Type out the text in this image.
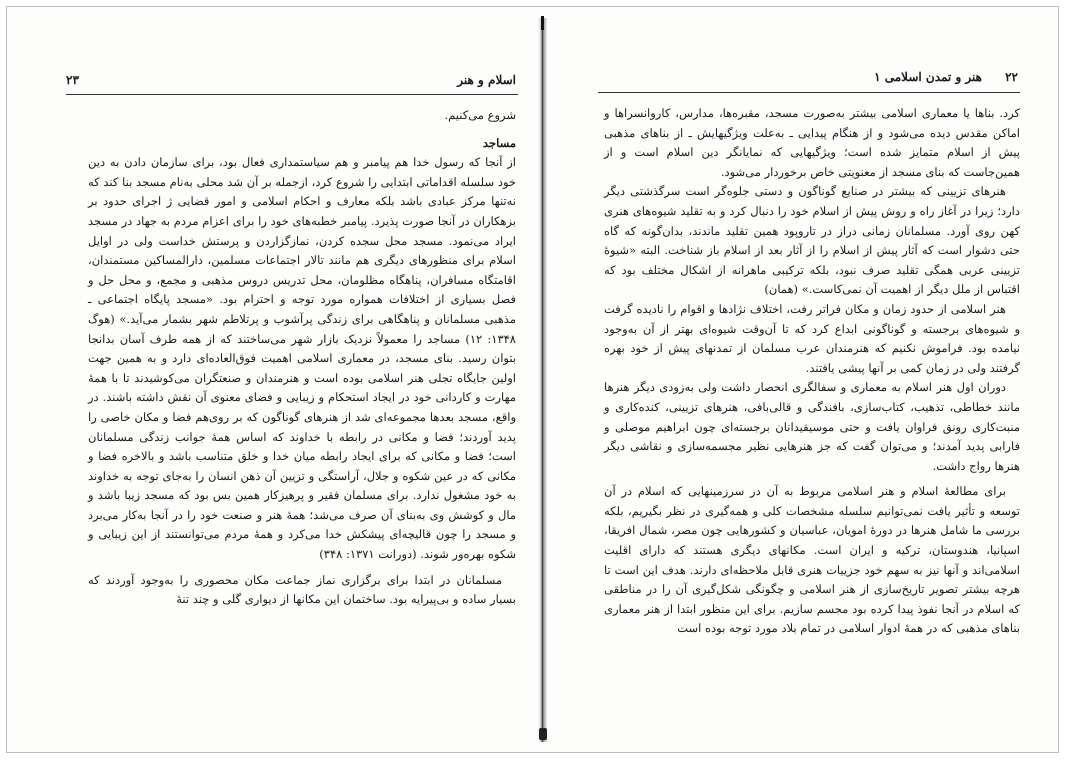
اسلام و هنر
۲۳

شروع می‌کنیم.

مساجد

از آنجا که رسول خدا هم پیامبر و هم سیاستمداری فعال بود، برای سازمان دادن به دین خود سلسله اقداماتی ابتدایی را شروع کرد، ازجمله بر آن شد محلی به‌نام مسجد بنا کند که نه‌تنها مرکز عبادی باشد بلکه معارف و احکام اسلامی و امور قضایی ژ اجرای حدود بر بزهکاران در آنجا صورت پذیرد. پیامبر خطبه‌های خود را برای اعزام مردم به جهاد در مسجد ایراد می‌نمود. مسجد محل سجده کردن، نمازگزاردن و پرستش خداست ولی در اوایل اسلام برای منظورهای دیگری هم مانند تالار اجتماعات مسلمین، دارالمساکین مستمندان، اقامتگاه مسافران، پناهگاه مظلومان، محل تدریس دروس مذهبی و مجمع، و محل حل و فصل بسیاری از اختلافات همواره مورد توجه و احترام بود. «مسجد پایگاه اجتماعی ـ مذهبی مسلمانان و پناهگاهی برای زندگی پرآشوب و پرتلاطم شهر بشمار می‌آید.» (هوگ ۱۳۴۸: ۱۲) مساجد را معمولاً نزدیک بازار شهر می‌ساختند که از همه طرف آسان بدانجا بتوان رسید. بنای مسجد، در معماری اسلامی اهمیت فوق‌العاده‌ای دارد و به همین جهت اولین جایگاه تجلی هنر اسلامی بوده است و هنرمندان و صنعتگران می‌کوشیدند تا با همهٔ مهارت و کاردانی خود در ایجاد استحکام و زیبایی و فضای معنوی آن نقش داشته باشند. در واقع، مسجد بعدها مجموعه‌ای شد از هنرهای گوناگون که بر روی‌هم فضا و مکان خاصی را پدید آوردند؛ فضا و مکانی در رابطه با خداوند که اساس همهٔ جوانب زندگی مسلمانان است؛ فضا و مکانی که برای ایجاد رابطه میان خدا و خلق متناسب باشد و بالاخره فضا و مکانی که در عین شکوه و جلال، آراستگی و تزیین آن ذهن انسان را به‌جای توجه به خداوند به خود مشغول ندارد. برای مسلمان فقیر و پرهیزکار همین بس بود که مسجد زیبا باشد و مال و کوشش وی به‌بنای آن صرف می‌شد؛ همهٔ هنر و صنعت خود را در آنجا به‌کار می‌برد و مسجد را چون قالیچه‌ای پیشکش خدا می‌کرد و همهٔ مردم می‌توانستند از این زیبایی و شکوه بهره‌ور شوند. (دورانت ۱۳۷۱: ۳۴۸)

مسلمانان در ابتدا برای برگزاری نماز جماعت مکان محصوری را به‌وجود آوردند که بسیار ساده و بی‌پیرایه بود. ساختمان این مکانها از دیواری گلی و چند تنهٔ

۲۲
هنر و تمدن اسلامی ۱

کرد. بناها یا معماری اسلامی بیشتر به‌صورت مسجد، مقبره‌ها، مدارس، کاروانسراها و اماکن مقدس دیده می‌شود و از هنگام پیدایی ـ به‌علت ویژگیهایش ـ از بناهای مذهبی پیش از اسلام متمایز شده است؛ ویژگیهایی که نمایانگر دین اسلام است و از همین‌جاست که بنای مسجد از معنویتی خاص برخوردار می‌شود.

هنرهای تزیینی که بیشتر در صنایع گوناگون و دستی جلوه‌گر است سرگذشتی دیگر دارد؛ زیرا در آغاز راه و روش پیش از اسلام خود را دنبال کرد و به تقلید شیوه‌های هنری کهن روی آورد. مسلمانان زمانی دراز در تاروپود همین تقلید ماندند، بدان‌گونه که گاه حتی دشوار است که آثار پیش از اسلام را از آثار بعد از اسلام باز شناخت. البته «شیوهٔ تزیینی عربی همگی تقلید صرف نبود، بلکه ترکیبی ماهرانه از اشکال مختلف بود که اقتباس از ملل دیگر از اهمیت آن نمی‌کاست.» (همان)

هنر اسلامی از حدود زمان و مکان فراتر رفت، اختلاف نژادها و اقوام را نادیده گرفت و شیوه‌های برجسته و گوناگونی ابداع کرد که تا آن‌وقت شیوه‌ای بهتر از آن به‌وجود نیامده بود. فراموش نکنیم که هنرمندان عرب مسلمان از تمدنهای پیش از خود بهره گرفتند ولی در زمان کمی بر آنها پیشی یافتند.

دوران اول هنر اسلام به معماری و سفالگری انحصار داشت ولی به‌زودی دیگر هنرها مانند خطاطی، تذهیب، کتاب‌سازی، بافندگی و قالی‌بافی، هنرهای تزیینی، کنده‌کاری و منبت‌کاری رونق فراوان یافت و حتی موسیقیدانان برجسته‌ای چون ابراهیم موصلی و فارابی پدید آمدند؛ و می‌توان گفت که جز هنرهایی نظیر مجسمه‌سازی و نقاشی دیگر هنرها رواج داشت.

برای مطالعهٔ اسلام و هنر اسلامی مربوط به آن در سرزمینهایی که اسلام در آن توسعه و تأثیر یافت نمی‌توانیم سلسله مشخصات کلی و همه‌گیری در نظر بگیریم، بلکه بررسی ما شامل هنرها در دورهٔ امویان، عباسیان و کشورهایی چون مصر، شمال افریقا، اسپانیا، هندوستان، ترکیه و ایران است. مکانهای دیگری هستند که دارای اقلیت اسلامی‌اند و آنها نیز به سهم خود جزییات هنری قابل ملاحظه‌ای دارند. هدف این است تا هرچه بیشتر تصویر تاریخ‌سازی از هنر اسلامی و چگونگی شکل‌گیری آن را در مناطقی که اسلام در آنجا نفوذ پیدا کرده بود مجسم سازیم. برای این منظور ابتدا از هنر معماری بناهای مذهبی که در همهٔ ادوار اسلامی در تمام بلاد مورد توجه بوده است
